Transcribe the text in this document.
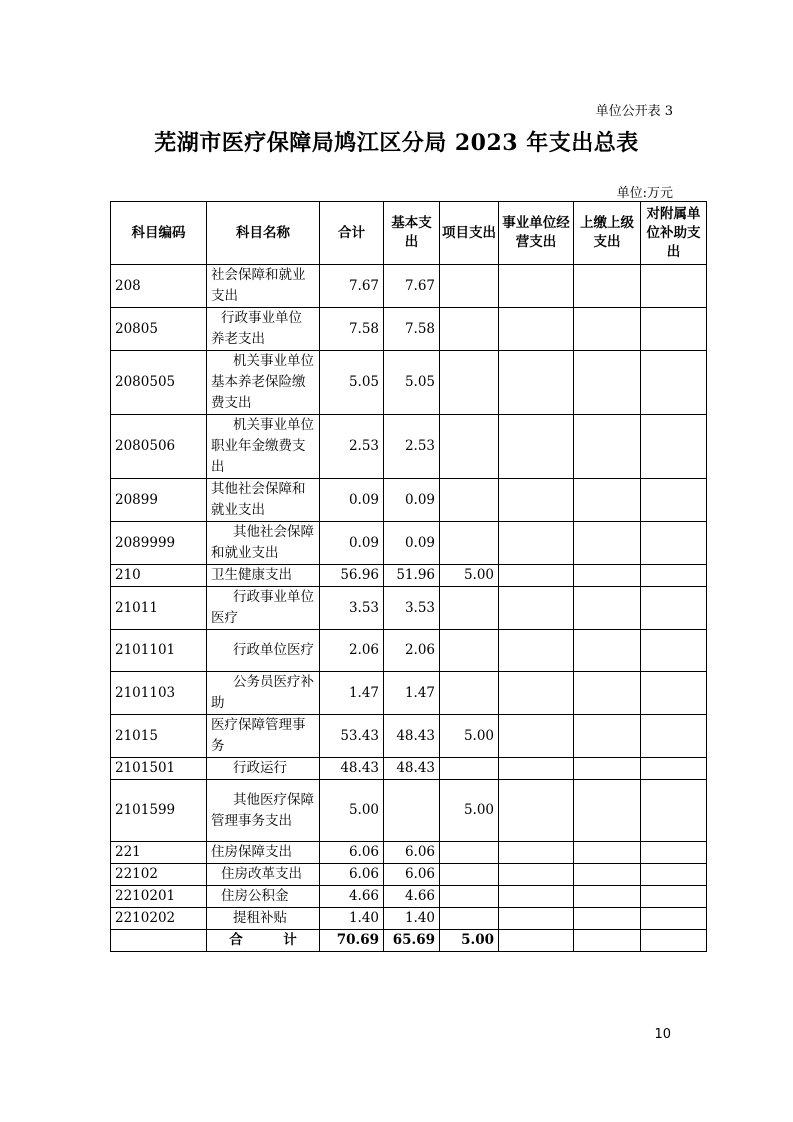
单位公开表 3
芜湖市医疗保障局鸠江区分局 2023 年支出总表
单位:万元
科目编码	科目名称	合计	基本支出	项目支出	事业单位经营支出	上缴上级支出	对附属单位补助支出
208	社会保障和就业支出	7.67	7.67				
20805	行政事业单位养老支出	7.58	7.58				
2080505	机关事业单位基本养老保险缴费支出	5.05	5.05				
2080506	机关事业单位职业年金缴费支出	2.53	2.53				
20899	其他社会保障和就业支出	0.09	0.09				
2089999	其他社会保障和就业支出	0.09	0.09				
210	卫生健康支出	56.96	51.96	5.00			
21011	行政事业单位医疗	3.53	3.53				
2101101	行政单位医疗	2.06	2.06				
2101103	公务员医疗补助	1.47	1.47				
21015	医疗保障管理事务	53.43	48.43	5.00			
2101501	行政运行	48.43	48.43				
2101599	其他医疗保障管理事务支出	5.00		5.00			
221	住房保障支出	6.06	6.06				
22102	住房改革支出	6.06	6.06				
2210201	住房公积金	4.66	4.66				
2210202	提租补贴	1.40	1.40				
	合　　　计	70.69	65.69	5.00			
10
